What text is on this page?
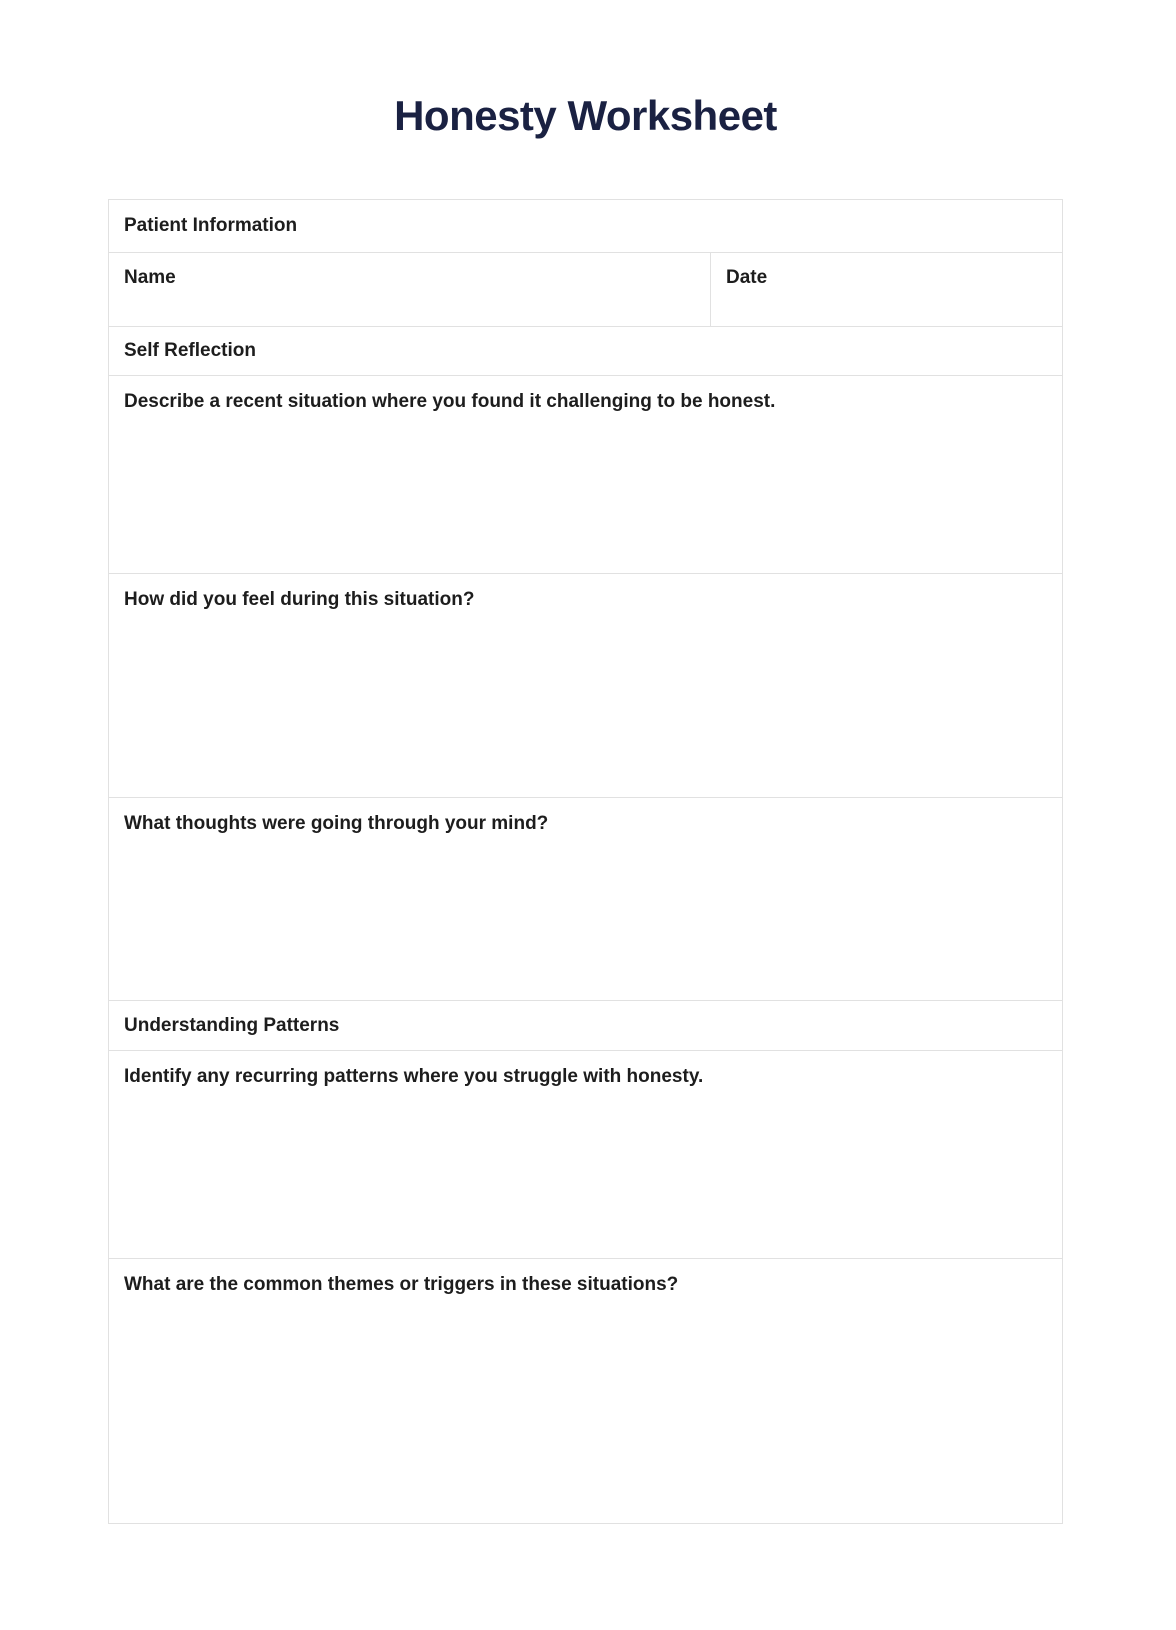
Honesty Worksheet
Patient Information
Name	Date
Self Reflection
Describe a recent situation where you found it challenging to be honest.
How did you feel during this situation?
What thoughts were going through your mind?
Understanding Patterns
Identify any recurring patterns where you struggle with honesty.
What are the common themes or triggers in these situations?
